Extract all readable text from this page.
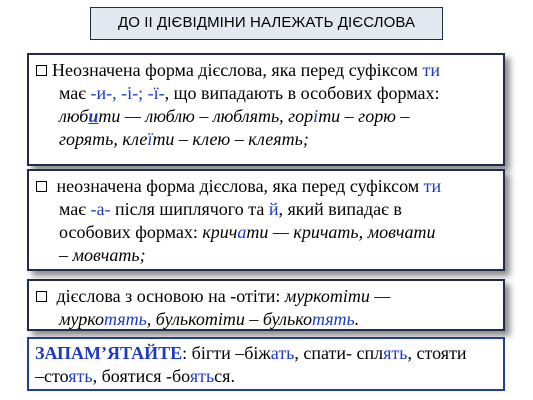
ДО ІІ ДІЄВІДМІНИ НАЛЕЖАТЬ ДІЄСЛОВА
Неозначена форма дієслова, яка перед суфіксом ти
має -и-, -і-; -ї-, що випадають в особових формах:
любити — люблю – люблять, горіти – горю –
горять, клеїти – клею – клеять;
неозначена форма дієслова, яка перед суфіксом ти
має -а- після шиплячого та й, який випадає в
особових формах: кричати — кричать, мовчати
– мовчать;
дієслова з основою на -отіти: муркотіти —
муркотять, булькотіти – булькотять.
ЗАПАМ’ЯТАЙТЕ: бігти –біжать, спати- сплять, стояти
–стоять, боятися -бояться.
